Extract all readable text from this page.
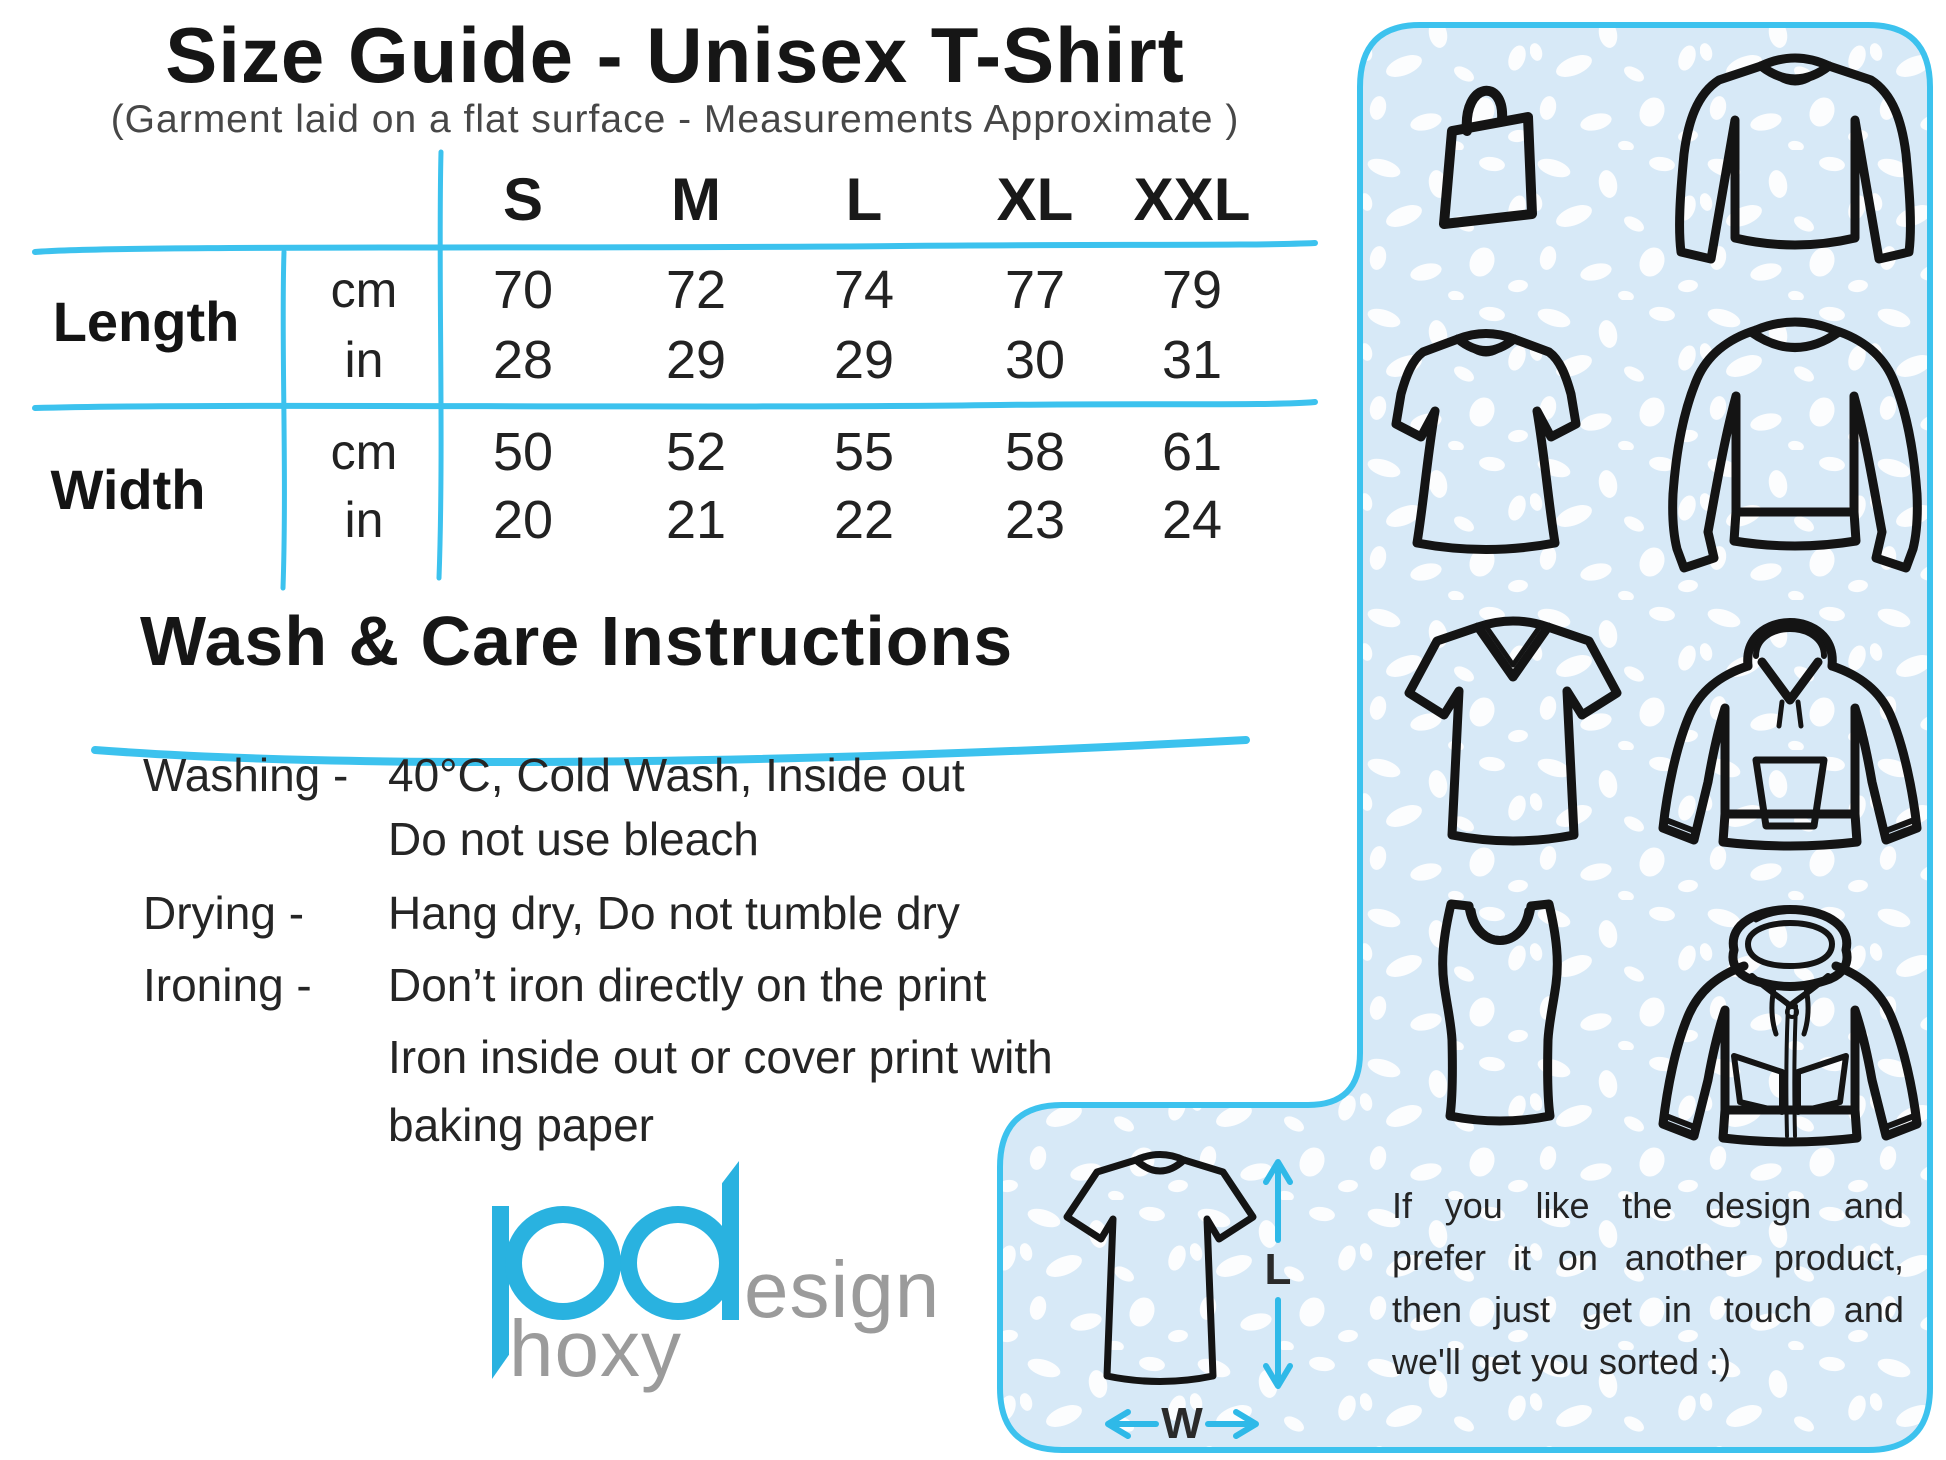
Size Guide - Unisex T-Shirt
(Garment laid on a flat surface - Measurements Approximate )
S M L XL XXL
Length
Width
cm
in
cm
in
70 72 74 77 79
28 29 29 30 31
50 52 55 58 61
20 21 22 23 24
Wash & Care Instructions
Washing - 40°C, Cold Wash, Inside out
Do not use bleach
Drying - Hang dry, Do not tumble dry
Ironing - Don’t iron directly on the print
Iron inside out or cover print with
baking paper
esign
hoxy
L
W
If you like the design and
prefer it on another product,
then just get in touch and
we'll get you sorted :)
